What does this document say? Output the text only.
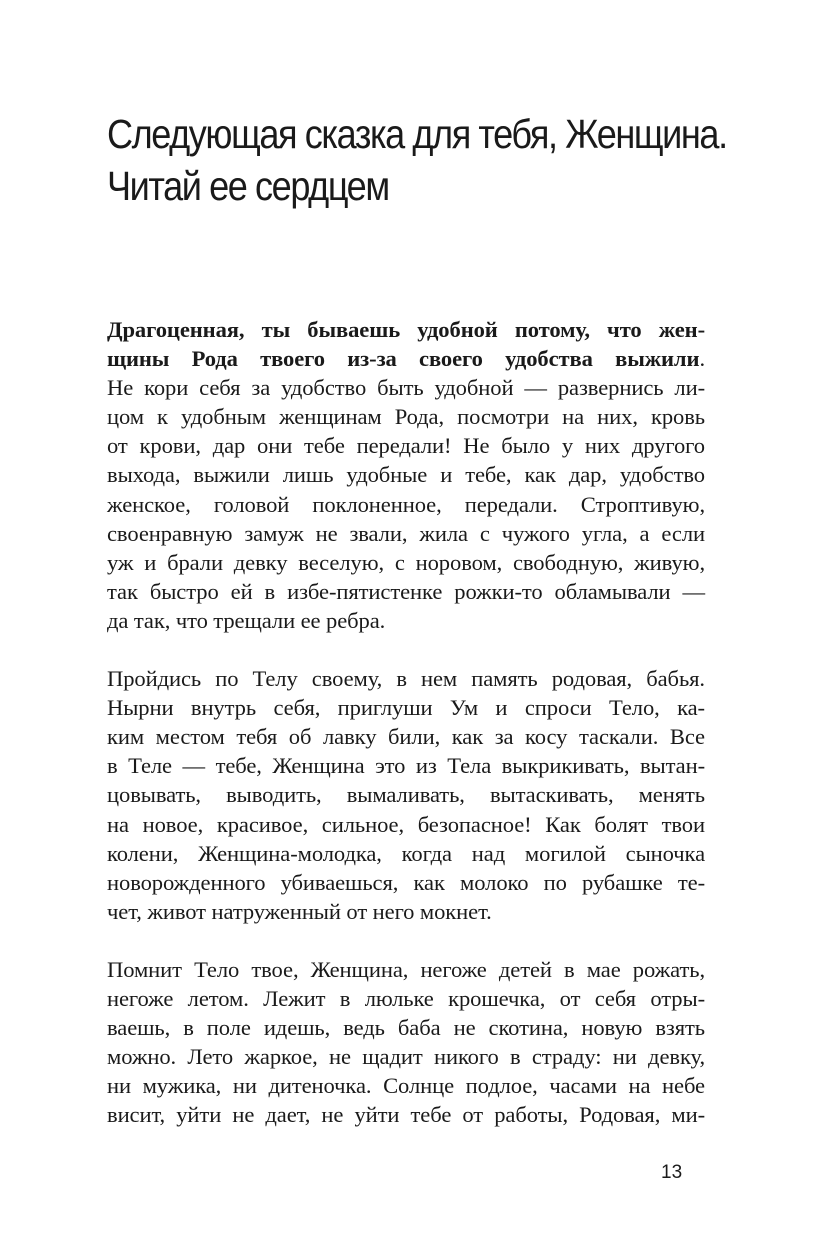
Следующая сказка для тебя, Женщина.
Читай ее сердцем
Драгоценная, ты бываешь удобной потому, что жен-
щины Рода твоего из-за своего удобства выжили.
Не кори себя за удобство быть удобной — развернись ли-
цом к удобным женщинам Рода, посмотри на них, кровь
от крови, дар они тебе передали! Не было у них другого
выхода, выжили лишь удобные и тебе, как дар, удобство
женское, головой поклоненное, передали. Строптивую,
своенравную замуж не звали, жила с чужого угла, а если
уж и брали девку веселую, с норовом, свободную, живую,
так быстро ей в избе-пятистенке рожки-то обламывали —
да так, что трещали ее ребра.
Пройдись по Телу своему, в нем память родовая, бабья.
Нырни внутрь себя, приглуши Ум и спроси Тело, ка-
ким местом тебя об лавку били, как за косу таскали. Все
в Теле — тебе, Женщина это из Тела выкрикивать, вытан-
цовывать, выводить, вымаливать, вытаскивать, менять
на новое, красивое, сильное, безопасное! Как болят твои
колени, Женщина-молодка, когда над могилой сыночка
новорожденного убиваешься, как молоко по рубашке те-
чет, живот натруженный от него мокнет.
Помнит Тело твое, Женщина, негоже детей в мае рожать,
негоже летом. Лежит в люльке крошечка, от себя отры-
ваешь, в поле идешь, ведь баба не скотина, новую взять
можно. Лето жаркое, не щадит никого в страду: ни девку,
ни мужика, ни дитеночка. Солнце подлое, часами на небе
висит, уйти не дает, не уйти тебе от работы, Родовая, ми-
13
